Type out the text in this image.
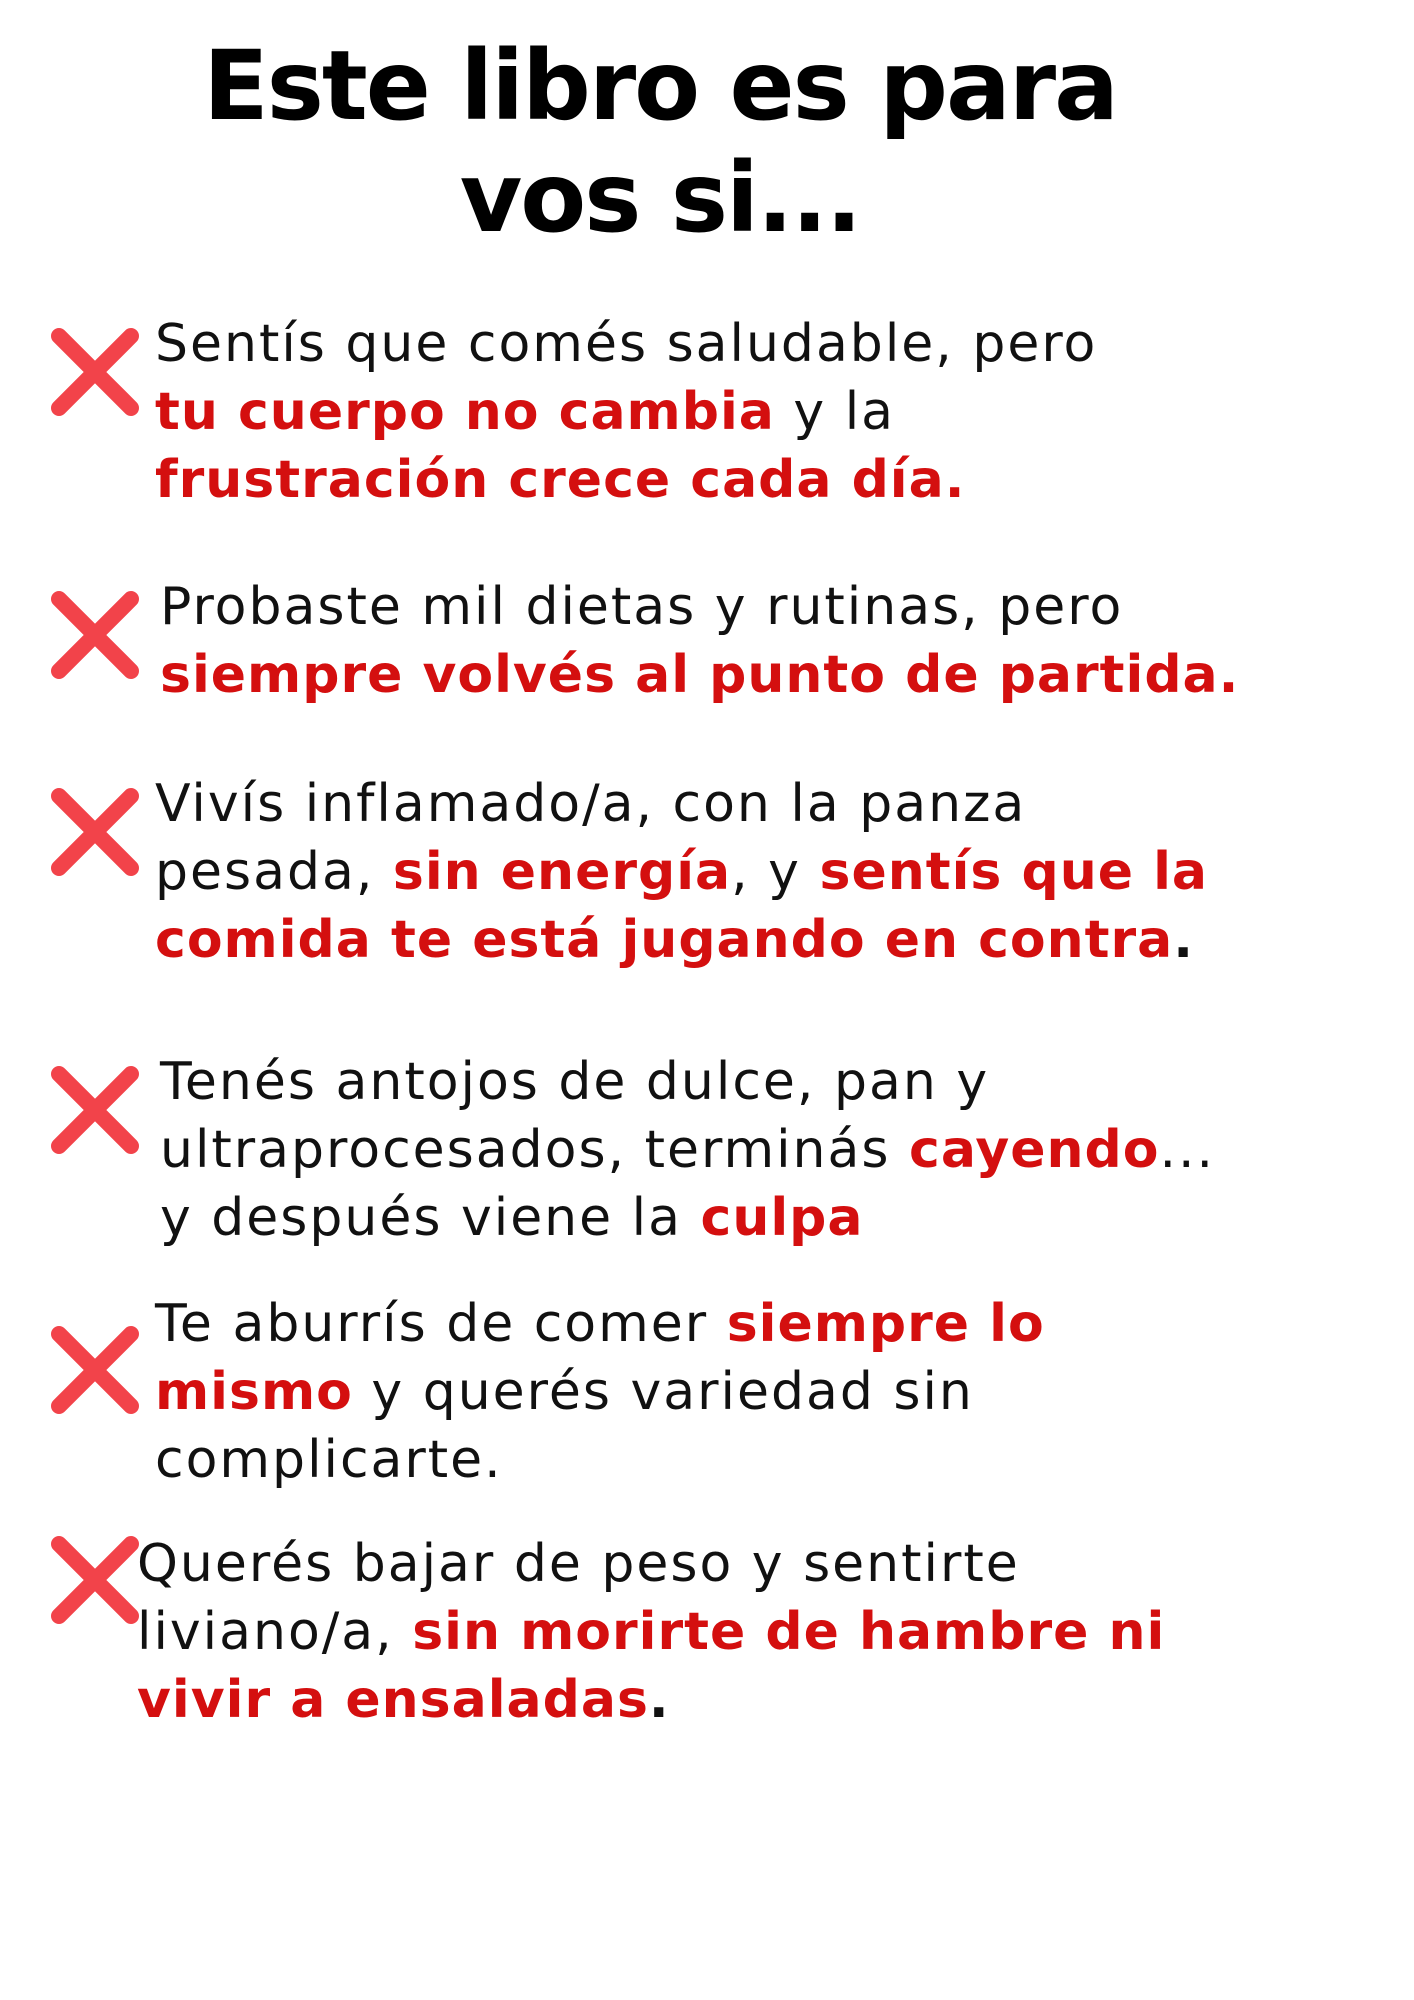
Este libro es para
vos si...
Sentís que comés saludable, pero
tu cuerpo no cambia y la
frustración crece cada día.
Probaste mil dietas y rutinas, pero
siempre volvés al punto de partida.
Vivís inflamado/a, con la panza
pesada, sin energía, y sentís que la
comida te está jugando en contra.
Tenés antojos de dulce, pan y
ultraprocesados, terminás cayendo...
y después viene la culpa
Te aburrís de comer siempre lo
mismo y querés variedad sin
complicarte.
Querés bajar de peso y sentirte
liviano/a, sin morirte de hambre ni
vivir a ensaladas.
